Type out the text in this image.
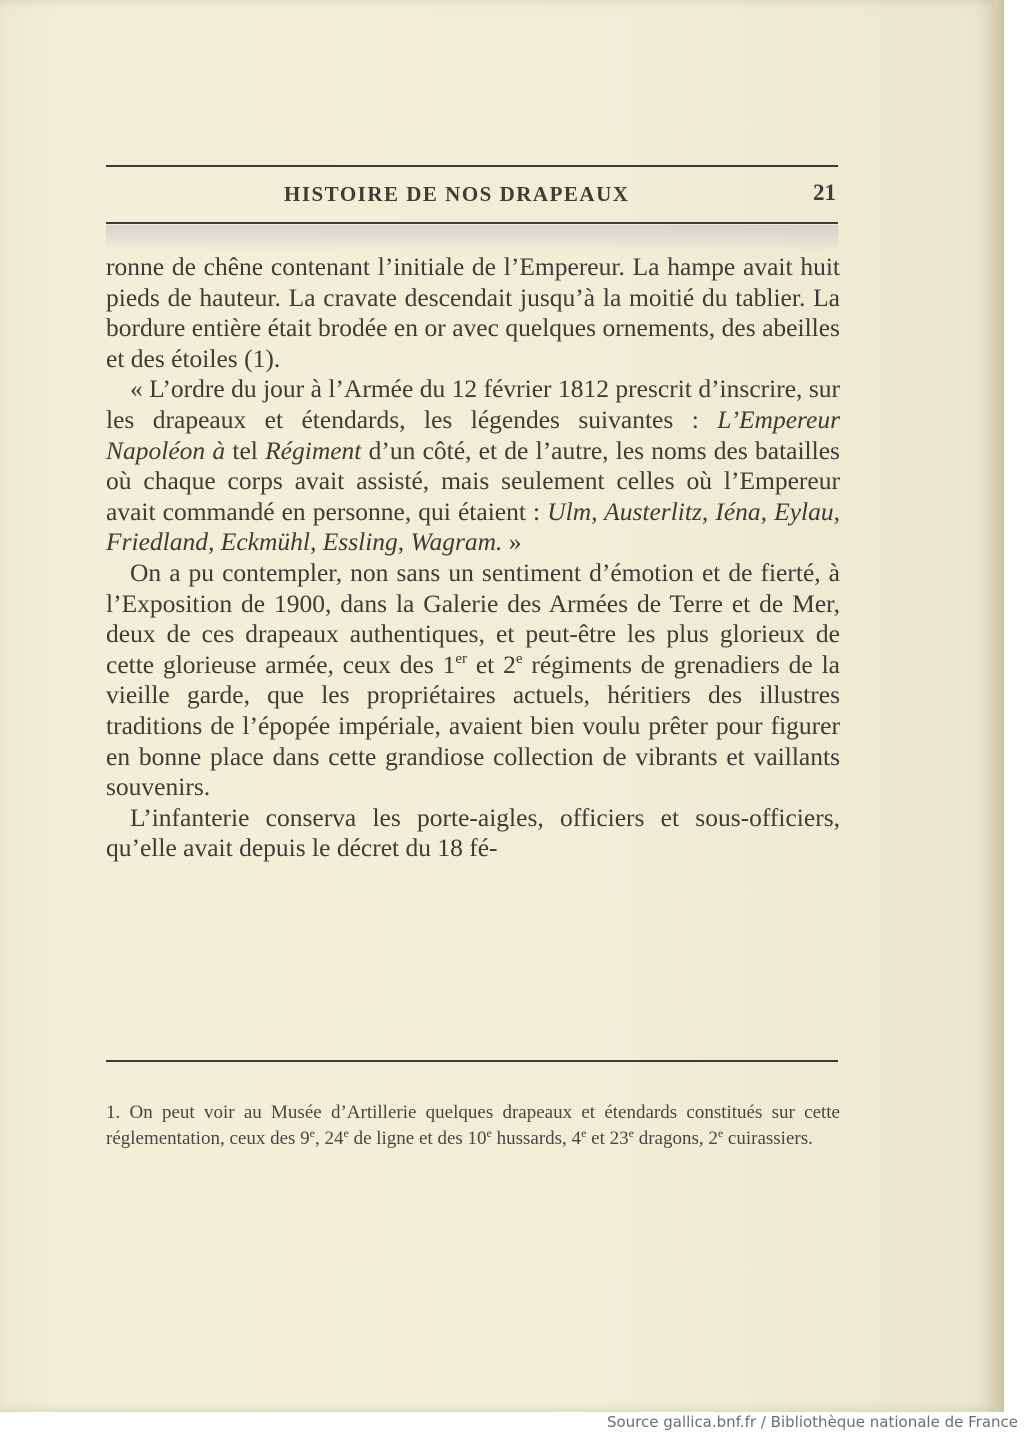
HISTOIRE DE NOS DRAPEAUX	21

ronne de chêne contenant l’initiale de l’Empereur. La hampe avait huit pieds de hauteur. La cravate descendait jusqu’à la moitié du tablier. La bordure entière était brodée en or avec quelques ornements, des abeilles et des étoiles (1).

« L’ordre du jour à l’Armée du 12 février 1812 prescrit d’inscrire, sur les drapeaux et étendards, les légendes suivantes : L’Empereur Napoléon à tel Régiment d’un côté, et de l’autre, les noms des batailles où chaque corps avait assisté, mais seulement celles où l’Empereur avait commandé en personne, qui étaient : Ulm, Austerlitz, Iéna, Eylau, Friedland, Eckmühl, Essling, Wagram. »

On a pu contempler, non sans un sentiment d’émotion et de fierté, à l’Exposition de 1900, dans la Galerie des Armées de Terre et de Mer, deux de ces drapeaux authentiques, et peut-être les plus glorieux de cette glorieuse armée, ceux des 1er et 2e régiments de grenadiers de la vieille garde, que les propriétaires actuels, héritiers des illustres traditions de l’épopée impériale, avaient bien voulu prêter pour figurer en bonne place dans cette grandiose collection de vibrants et vaillants souvenirs.

L’infanterie conserva les porte-aigles, officiers et sous-officiers, qu’elle avait depuis le décret du 18 fé-

1. On peut voir au Musée d’Artillerie quelques drapeaux et étendards constitués sur cette réglementation, ceux des 9e, 24e de ligne et des 10e hussards, 4e et 23e dragons, 2e cuirassiers.
Source gallica.bnf.fr / Bibliothèque nationale de France
